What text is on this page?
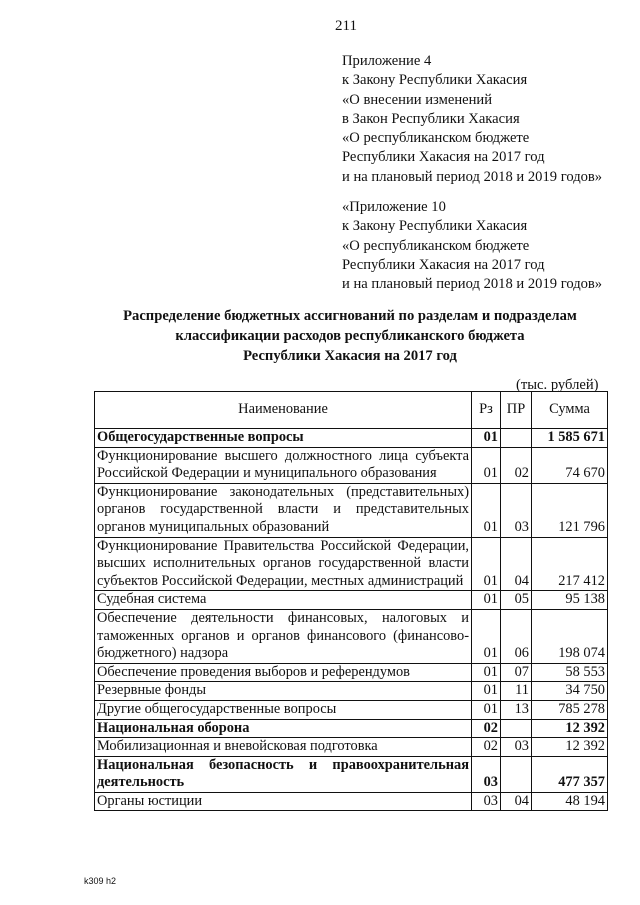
211
Приложение 4
к Закону Республики Хакасия
«О внесении изменений
в Закон Республики Хакасия
«О республиканском бюджете
Республики Хакасия на 2017 год
и на плановый период 2018 и 2019 годов»
«Приложение 10
к Закону Республики Хакасия
«О республиканском бюджете
Республики Хакасия на 2017 год
и на плановый период 2018 и 2019 годов»
Распределение бюджетных ассигнований по разделам и подразделам
классификации расходов республиканского бюджета
Республики Хакасия на 2017 год
(тыс. рублей)
Наименование	Рз	ПР	Сумма
Общегосударственные вопросы	01		1 585 671
Функционирование высшего должностного лица субъекта Российской Федерации и муниципального образования	01	02	74 670
Функционирование законодательных (представительных) органов государственной власти и представительных органов муниципальных образований	01	03	121 796
Функционирование Правительства Российской Федерации, высших исполнительных органов государственной власти субъектов Российской Федерации, местных администраций	01	04	217 412
Судебная система	01	05	95 138
Обеспечение деятельности финансовых, налоговых и таможенных органов и органов финансового (финансово-бюджетного) надзора	01	06	198 074
Обеспечение проведения выборов и референдумов	01	07	58 553
Резервные фонды	01	11	34 750
Другие общегосударственные вопросы	01	13	785 278
Национальная оборона	02		12 392
Мобилизационная и вневойсковая подготовка	02	03	12 392
Национальная безопасность и правоохранительная деятельность	03		477 357
Органы юстиции	03	04	48 194
k309 h2
